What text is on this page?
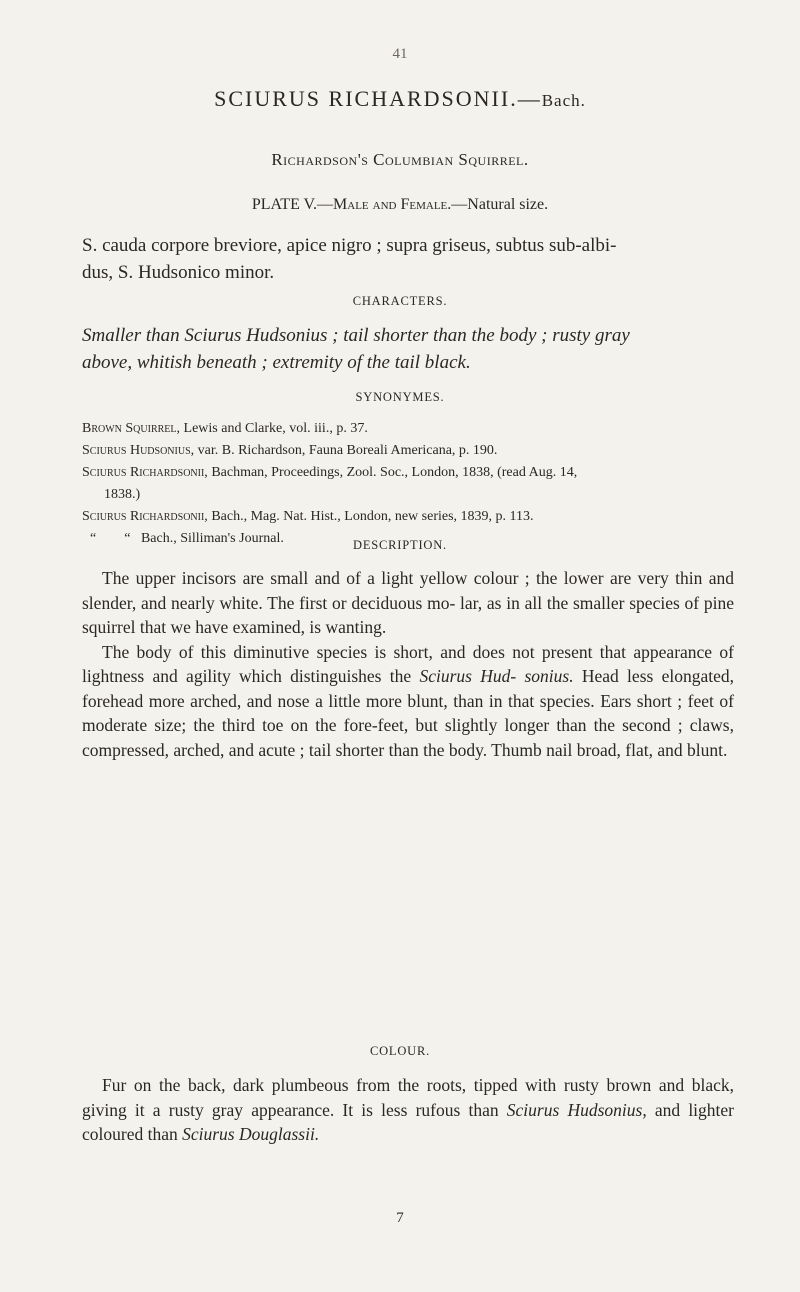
41
SCIURUS RICHARDSONII.—Bach.
Richardson's Columbian Squirrel.
PLATE V.—Male and Female.—Natural size.
S. cauda corpore breviore, apice nigro ; supra griseus, subtus sub-albi-
dus, S. Hudsonico minor.
CHARACTERS.
Smaller than Sciurus Hudsonius ; tail shorter than the body ; rusty gray
above, whitish beneath ; extremity of the tail black.
SYNONYMES.
Brown Squirrel, Lewis and Clarke, vol. iii., p. 37.
Sciurus Hudsonius, var. B. Richardson, Fauna Boreali Americana, p. 190.
Sciurus Richardsonii, Bachman, Proceedings, Zool. Soc., London, 1838, (read Aug. 14,
1838.)
Sciurus Richardsonii, Bach., Mag. Nat. Hist., London, new series, 1839, p. 113.
“        “ Bach., Silliman's Journal.	DESCRIPTION.

The upper incisors are small and of a light yellow colour ; the lower are very thin and slender, and nearly white. The first or deciduous mo- lar, as in all the smaller species of pine squirrel that we have examined, is wanting.

The body of this diminutive species is short, and does not present that appearance of lightness and agility which distinguishes the Sciurus Hud- sonius. Head less elongated, forehead more arched, and nose a little more blunt, than in that species. Ears short ; feet of moderate size; the third toe on the fore-feet, but slightly longer than the second ; claws, compressed, arched, and acute ; tail shorter than the body. Thumb nail broad, flat, and blunt.

COLOUR.

Fur on the back, dark plumbeous from the roots, tipped with rusty brown and black, giving it a rusty gray appearance. It is less rufous than Sciurus Hudsonius, and lighter coloured than Sciurus Douglassii.

7
